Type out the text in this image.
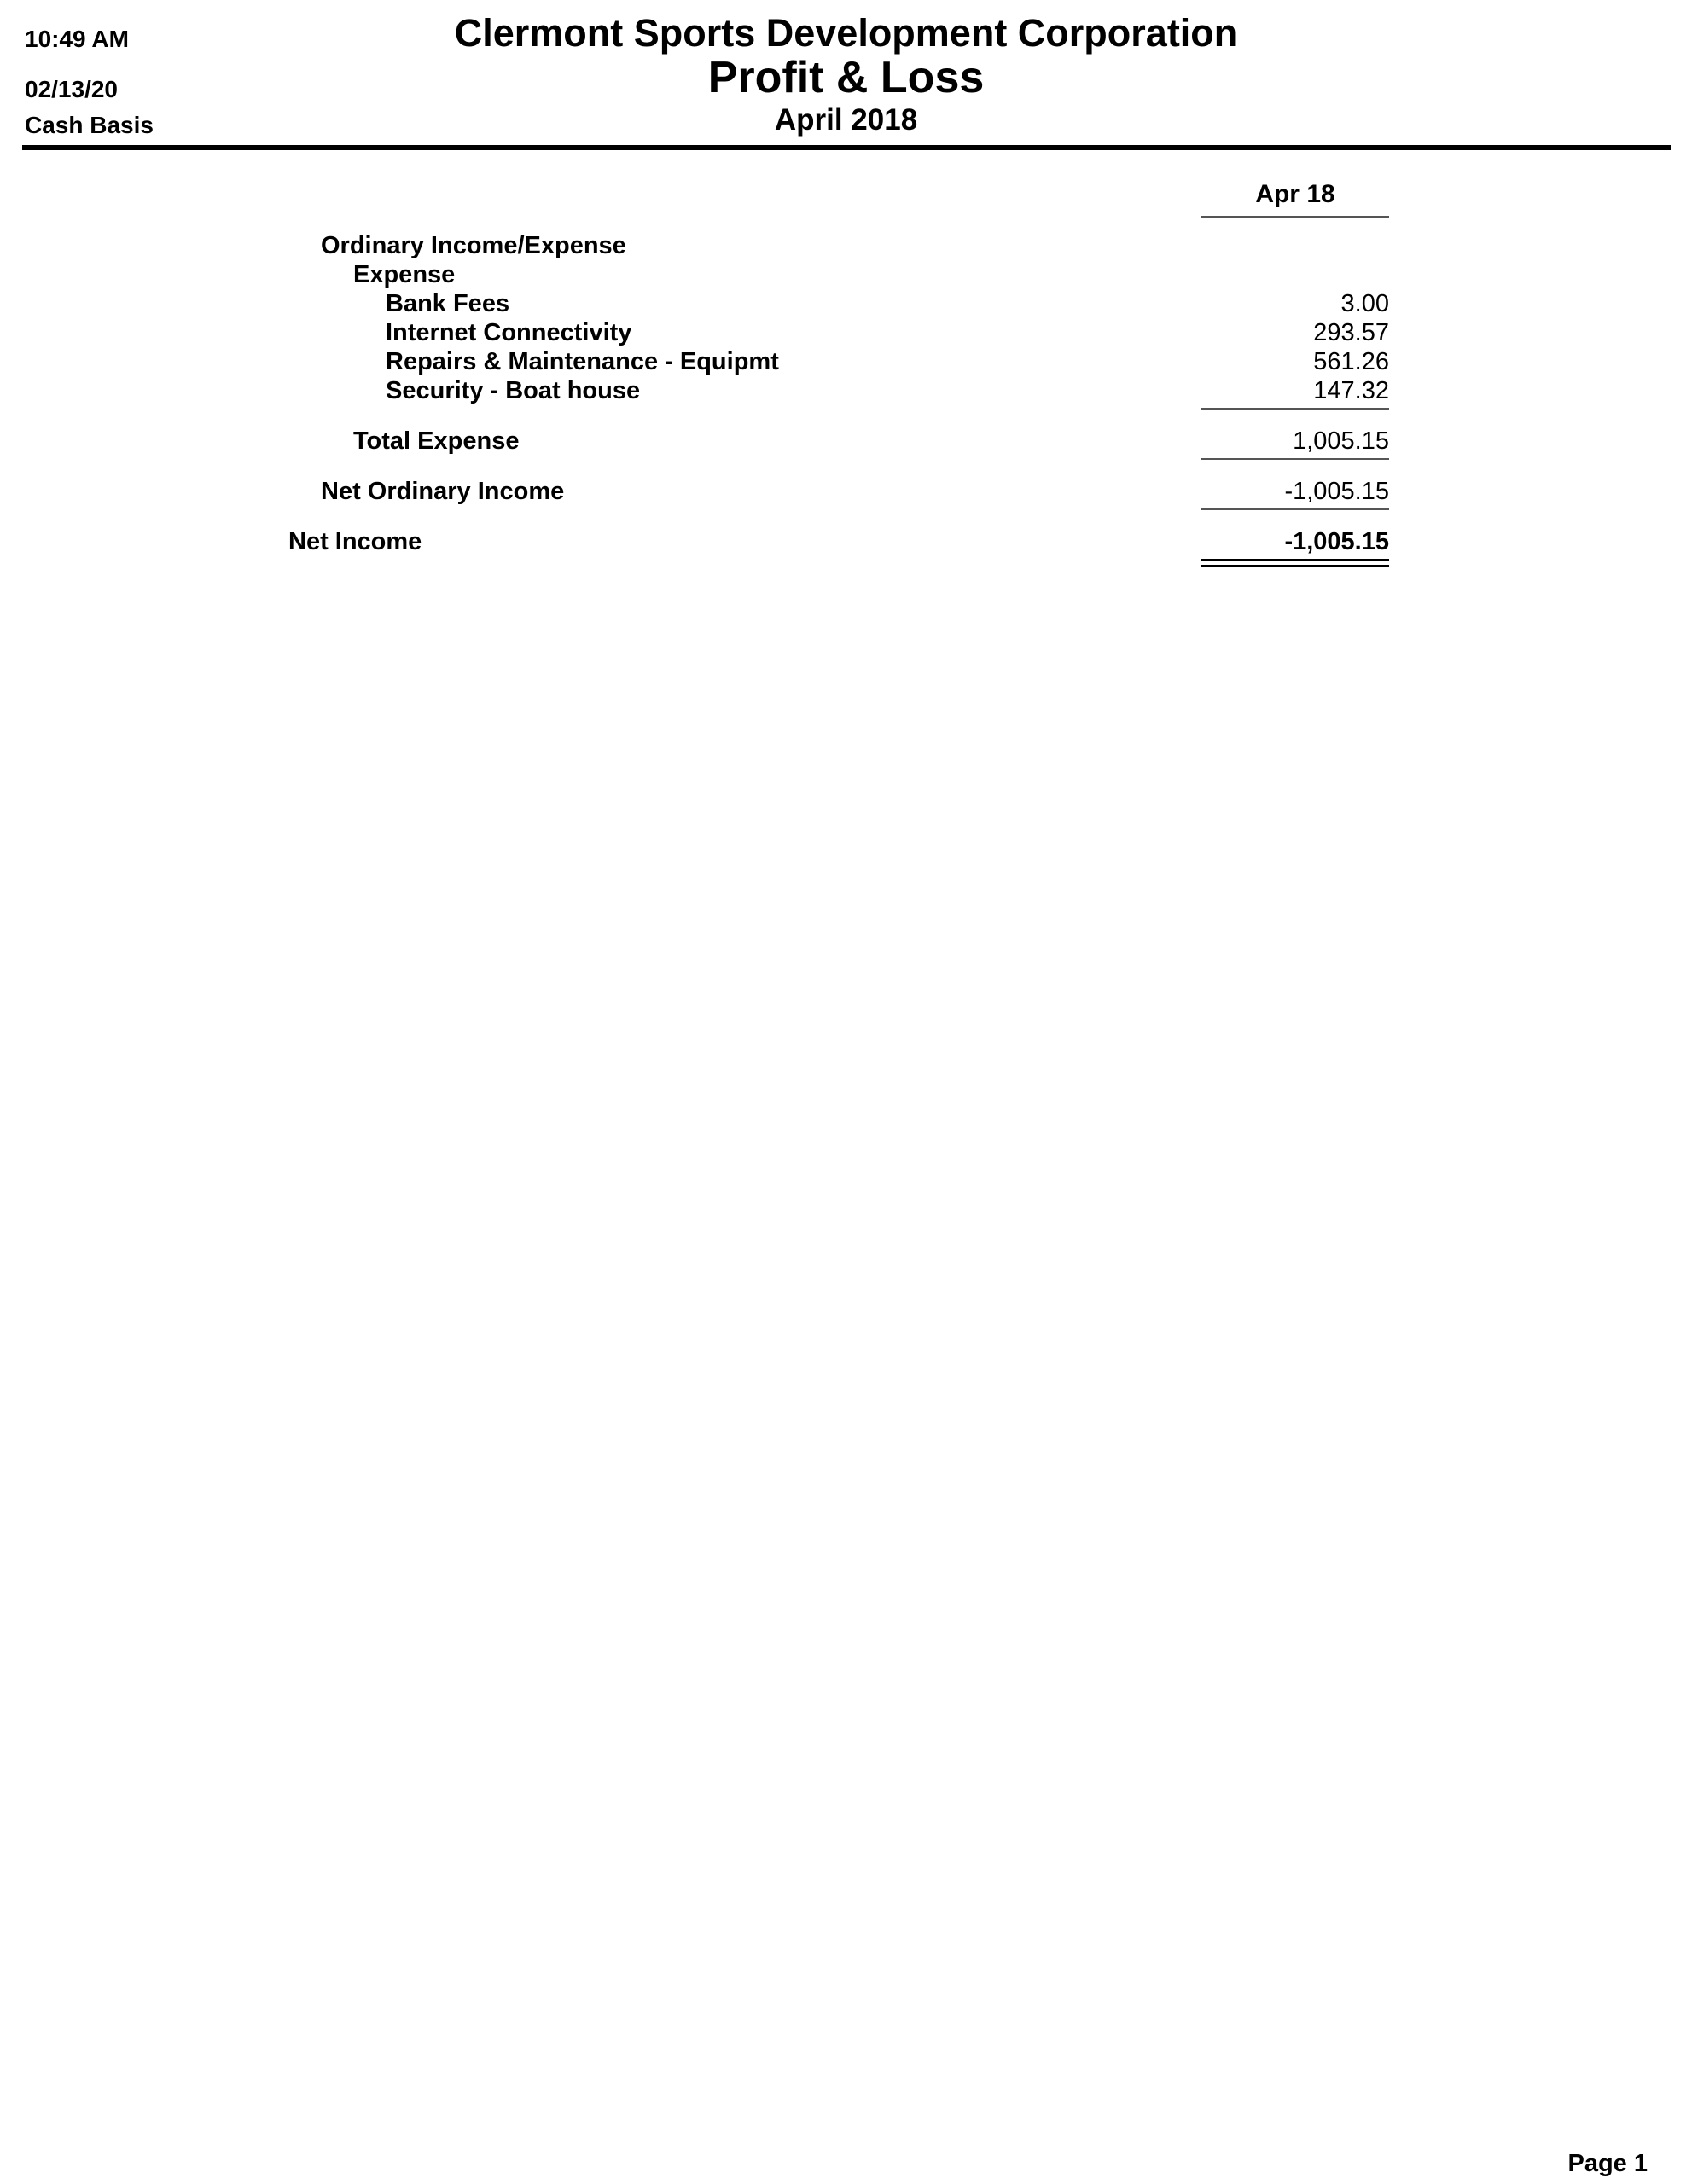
10:49 AM
02/13/20
Cash Basis
Clermont Sports Development Corporation
Profit & Loss
April 2018
Apr 18
Ordinary Income/Expense
Expense
Bank Fees	3.00
Internet Connectivity	293.57
Repairs & Maintenance - Equipmt	561.26
Security - Boat house	147.32
Total Expense	1,005.15
Net Ordinary Income	-1,005.15
Net Income	-1,005.15
Page 1
